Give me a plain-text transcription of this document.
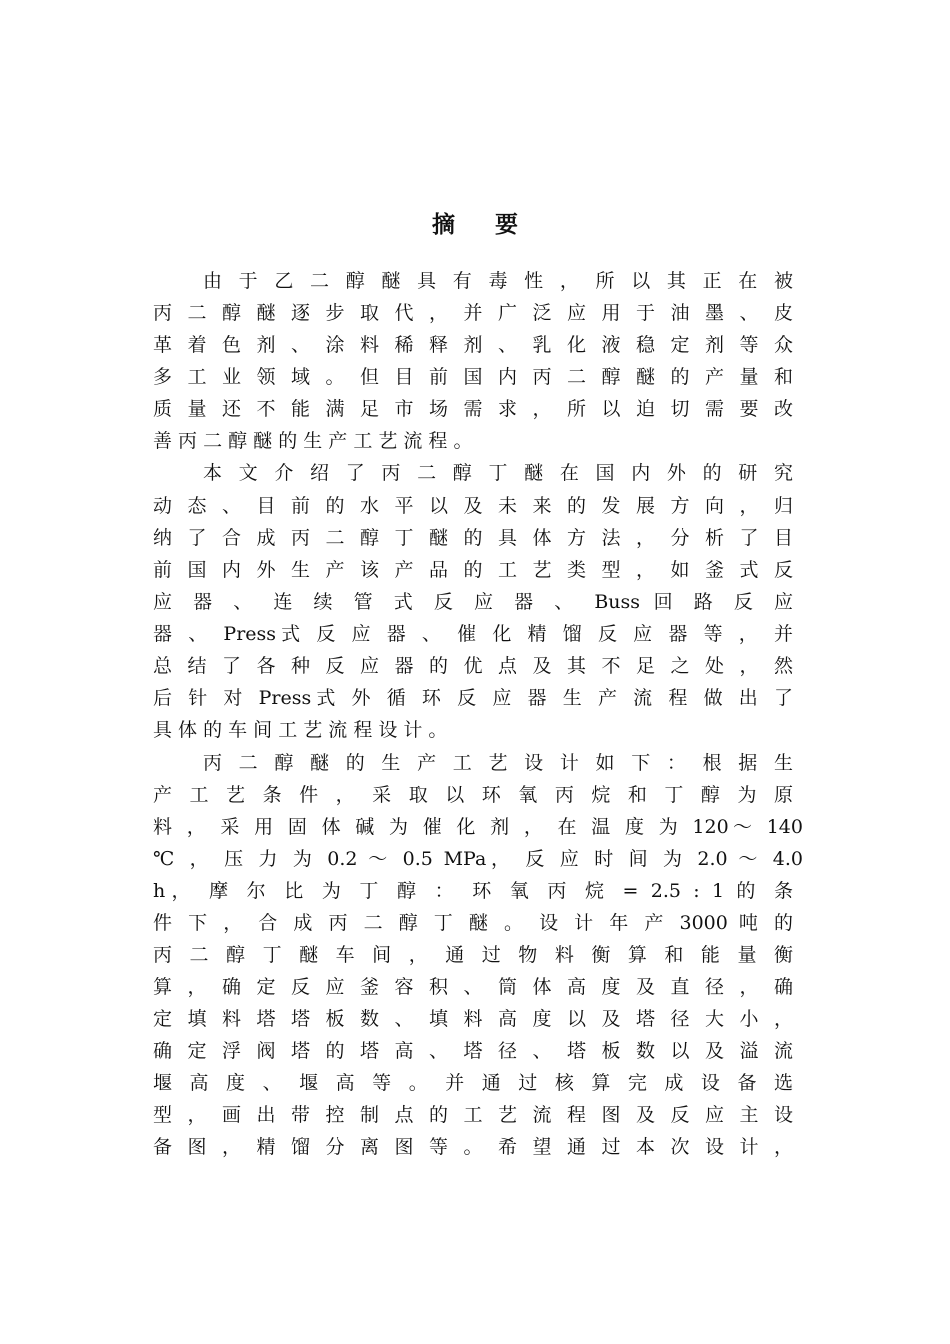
摘 要
由 于 乙 二 醇 醚 具 有 毒 性 ， 所 以 其 正 在 被
丙 二 醇 醚 逐 步 取 代 ， 并 广 泛 应 用 于 油 墨 、 皮
革 着 色 剂 、 涂 料 稀 释 剂 、 乳 化 液 稳 定 剂 等 众
多 工 业 领 域 。 但 目 前 国 内 丙 二 醇 醚 的 产 量 和
质 量 还 不 能 满 足 市 场 需 求 ， 所 以 迫 切 需 要 改
善 丙 二 醇 醚 的 生 产 工 艺 流 程 。
本 文 介 绍 了 丙 二 醇 丁 醚 在 国 内 外 的 研 究
动 态 、 目 前 的 水 平 以 及 未 来 的 发 展 方 向 ， 归
纳 了 合 成 丙 二 醇 丁 醚 的 具 体 方 法 ， 分 析 了 目
前 国 内 外 生 产 该 产 品 的 工 艺 类 型 ， 如 釜 式 反
应 器 、 连 续 管 式 反 应 器 、 Buss 回 路 反 应
器 、 Press式 反 应 器 、 催 化 精 馏 反 应 器 等 ， 并
总 结 了 各 种 反 应 器 的 优 点 及 其 不 足 之 处 ， 然
后 针 对 Press式 外 循 环 反 应 器 生 产 流 程 做 出 了
具 体 的 车 间 工 艺 流 程 设 计 。
丙 二 醇 醚 的 生 产 工 艺 设 计 如 下 ： 根 据 生
产 工 艺 条 件 ， 采 取 以 环 氧 丙 烷 和 丁 醇 为 原
料 ， 采 用 固 体 碱 为 催 化 剂 ， 在 温 度 为 120～ 140
℃ ， 压 力 为 0.2 ～ 0.5 MPa， 反 应 时 间 为 2.0 ～ 4.0
h， 摩 尔 比 为 丁 醇 ： 环 氧 丙 烷 = 2.5 : 1 的 条
件 下 ， 合 成 丙 二 醇 丁 醚 。 设 计 年 产 3000 吨 的
丙 二 醇 丁 醚 车 间 ， 通 过 物 料 衡 算 和 能 量 衡
算 ， 确 定 反 应 釜 容 积 、 筒 体 高 度 及 直 径 ， 确
定 填 料 塔 塔 板 数 、 填 料 高 度 以 及 塔 径 大 小 ，
确 定 浮 阀 塔 的 塔 高 、 塔 径 、 塔 板 数 以 及 溢 流
堰 高 度 、 堰 高 等 。 并 通 过 核 算 完 成 设 备 选
型 ， 画 出 带 控 制 点 的 工 艺 流 程 图 及 反 应 主 设
备 图 ， 精 馏 分 离 图 等 。 希 望 通 过 本 次 设 计 ，
